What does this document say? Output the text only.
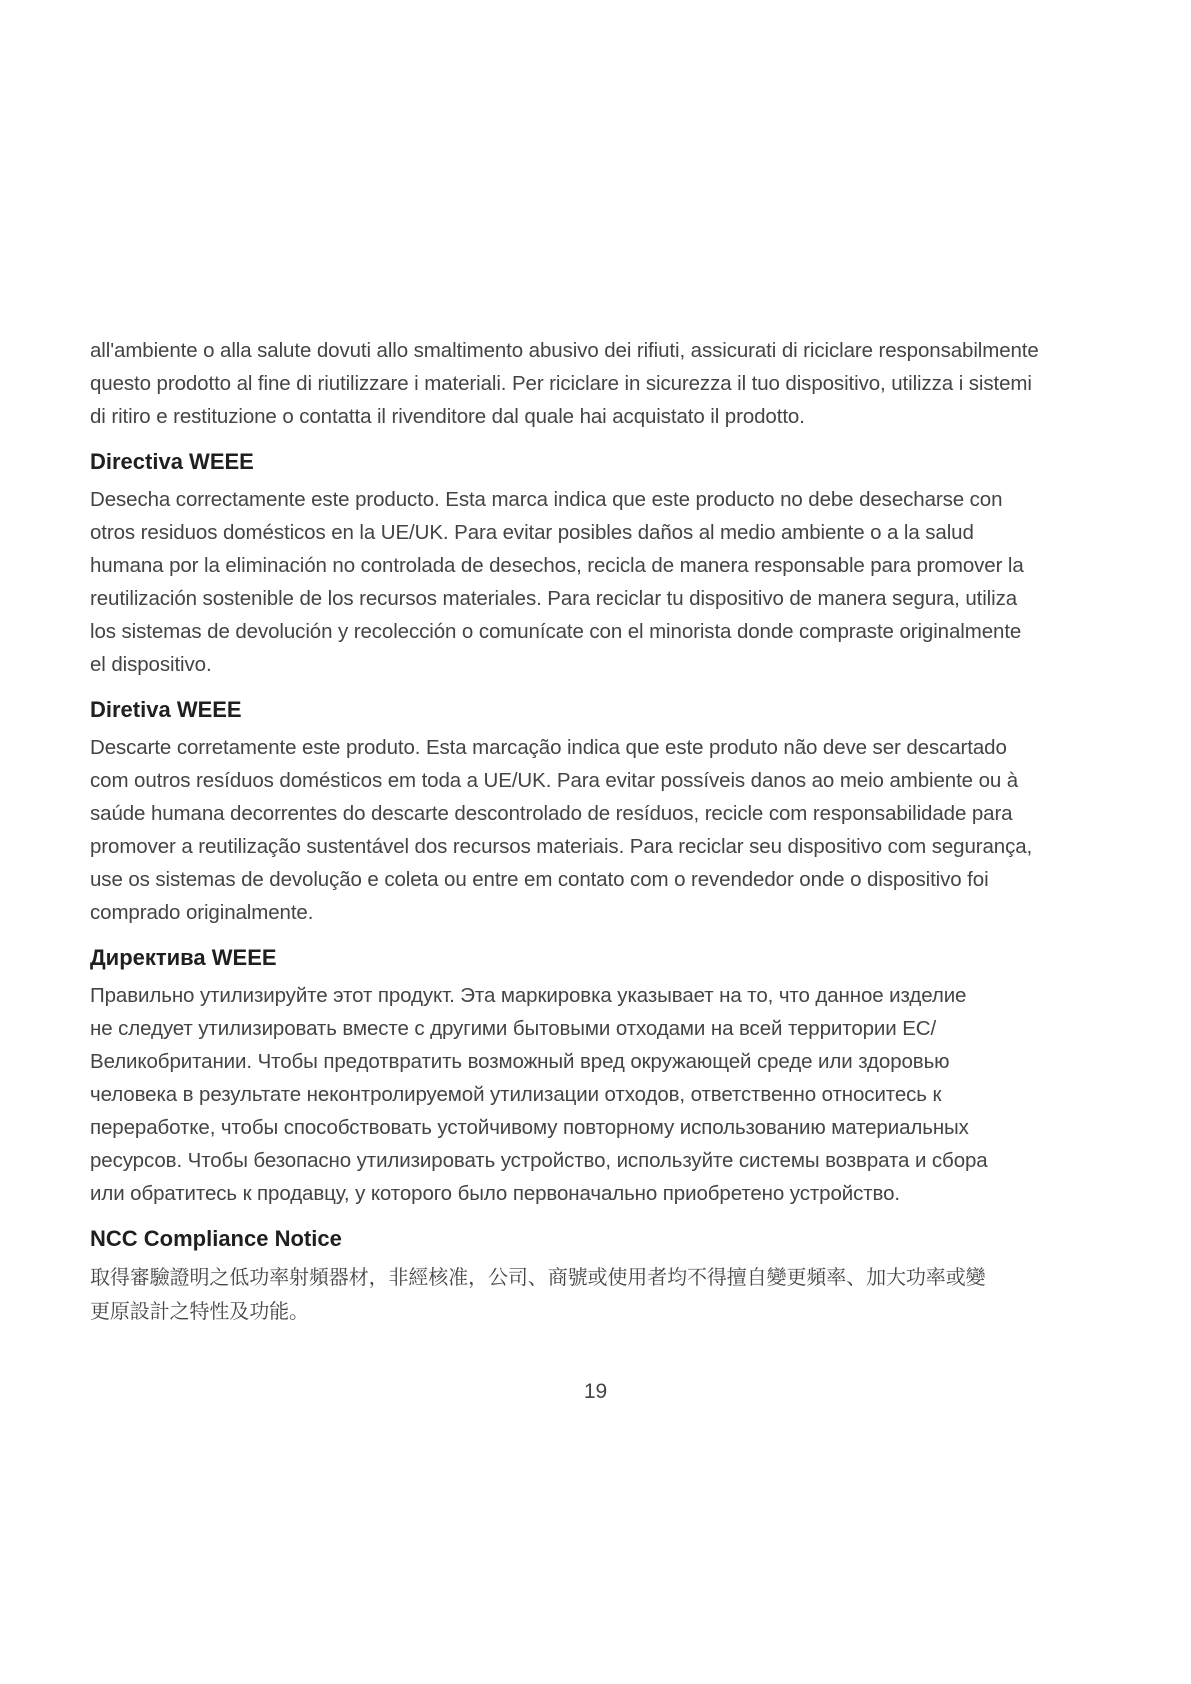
all'ambiente o alla salute dovuti allo smaltimento abusivo dei rifiuti, assicurati di riciclare responsabilmente
questo prodotto al fine di riutilizzare i materiali. Per riciclare in sicurezza il tuo dispositivo, utilizza i sistemi
di ritiro e restituzione o contatta il rivenditore dal quale hai acquistato il prodotto.

Directiva WEEE

Desecha correctamente este producto. Esta marca indica que este producto no debe desecharse con
otros residuos domésticos en la UE/UK. Para evitar posibles daños al medio ambiente o a la salud
humana por la eliminación no controlada de desechos, recicla de manera responsable para promover la
reutilización sostenible de los recursos materiales. Para reciclar tu dispositivo de manera segura, utiliza
los sistemas de devolución y recolección o comunícate con el minorista donde compraste originalmente
el dispositivo.

Diretiva WEEE

Descarte corretamente este produto. Esta marcação indica que este produto não deve ser descartado
com outros resíduos domésticos em toda a UE/UK. Para evitar possíveis danos ao meio ambiente ou à
saúde humana decorrentes do descarte descontrolado de resíduos, recicle com responsabilidade para
promover a reutilização sustentável dos recursos materiais. Para reciclar seu dispositivo com segurança,
use os sistemas de devolução e coleta ou entre em contato com o revendedor onde o dispositivo foi
comprado originalmente.

Директива WEEE

Правильно утилизируйте этот продукт. Эта маркировка указывает на то, что данное изделие
не следует утилизировать вместе с другими бытовыми отходами на всей территории ЕС/
Великобритании. Чтобы предотвратить возможный вред окружающей среде или здоровью
человека в результате неконтролируемой утилизации отходов, ответственно относитесь к
переработке, чтобы способствовать устойчивому повторному использованию материальных
ресурсов. Чтобы безопасно утилизировать устройство, используйте системы возврата и сбора
или обратитесь к продавцу, у которого было первоначально приобретено устройство.

NCC Compliance Notice

取得審驗證明之低功率射頻器材，非經核准，公司、商號或使用者均不得擅自變更頻率、加大功率或變
更原設計之特性及功能。

19
